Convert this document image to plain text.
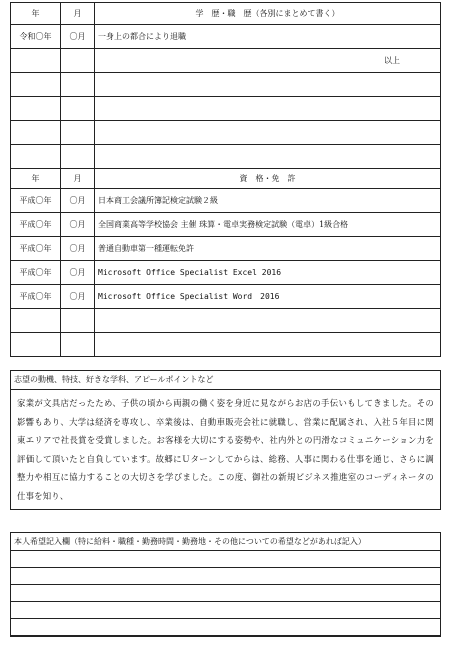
年	月	学　歴・職　歴（各別にまとめて書く）
令和〇年	〇月	一身上の都合により退職
		以上

年	月	資　格・免　許
平成〇年	〇月	日本商工会議所簿記検定試験２級
平成〇年	〇月	全国商業高等学校協会 主催 珠算・電卓実務検定試験（電卓）1級合格
平成〇年	〇月	普通自動車第一種運転免許
平成〇年	〇月	Microsoft Office Specialist Excel 2016
平成〇年	〇月	Microsoft Office Specialist Word　2016

志望の動機、特技、好きな学科、アピールポイントなど
家業が文具店だったため、子供の頃から両親の働く姿を身近に見ながらお店の手伝いもしてきました。その影響もあり、大学は経済を専攻し、卒業後は、自動車販売会社に就職し、営業に配属され、入社５年目に関東エリアで社長賞を受賞しました。お客様を大切にする姿勢や、社内外との円滑なコミュニケーション力を評価して頂いたと自負しています。故郷にＵターンしてからは、総務、人事に関わる仕事を通じ、さらに調整力や相互に協力することの大切さを学びました。この度、御社の新規ビジネス推進室のコーディネータの仕事を知り、
本人希望記入欄（特に給料・職種・勤務時間・勤務地・その他についての希望などがあれば記入）
